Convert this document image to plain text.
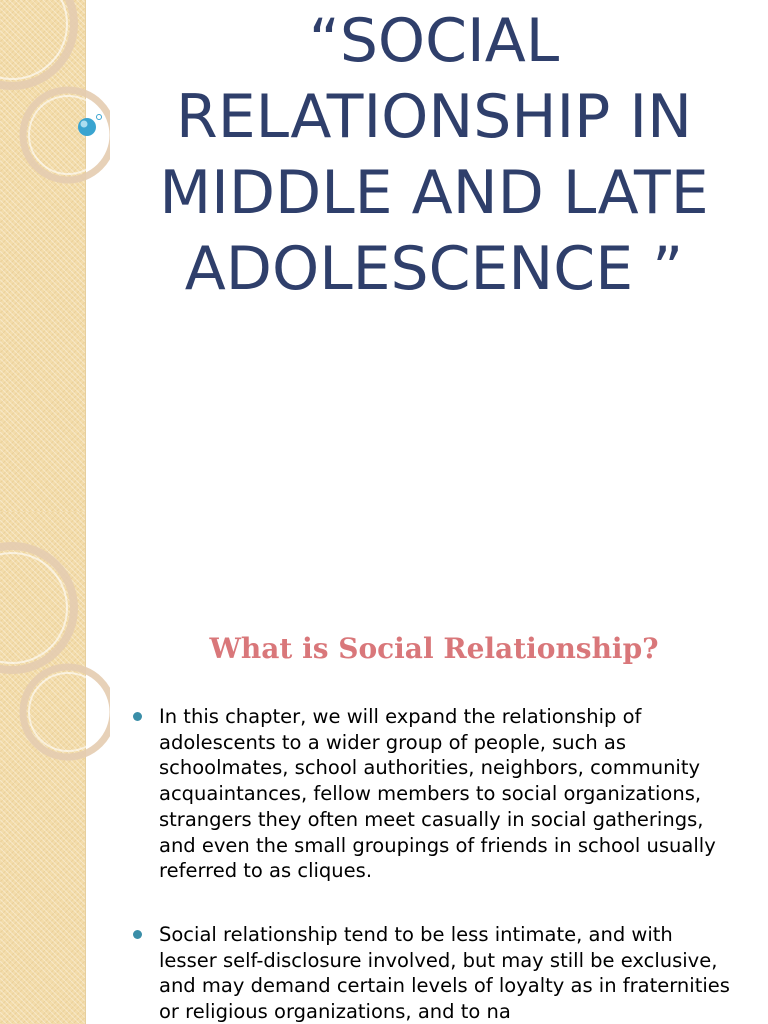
“SOCIAL RELATIONSHIP IN MIDDLE AND LATE ADOLESCENCE ”
What is Social Relationship?
In this chapter, we will expand the relationship of adolescents to a wider group of people, such as schoolmates, school authorities, neighbors, community acquaintances, fellow members to social organizations, strangers they often meet casually in social gatherings, and even the small groupings of friends in school usually referred to as cliques.
Social relationship tend to be less intimate, and with lesser self-disclosure involved, but may still be exclusive, and may demand certain levels of loyalty as in fraternities or religious organizations, and to na
